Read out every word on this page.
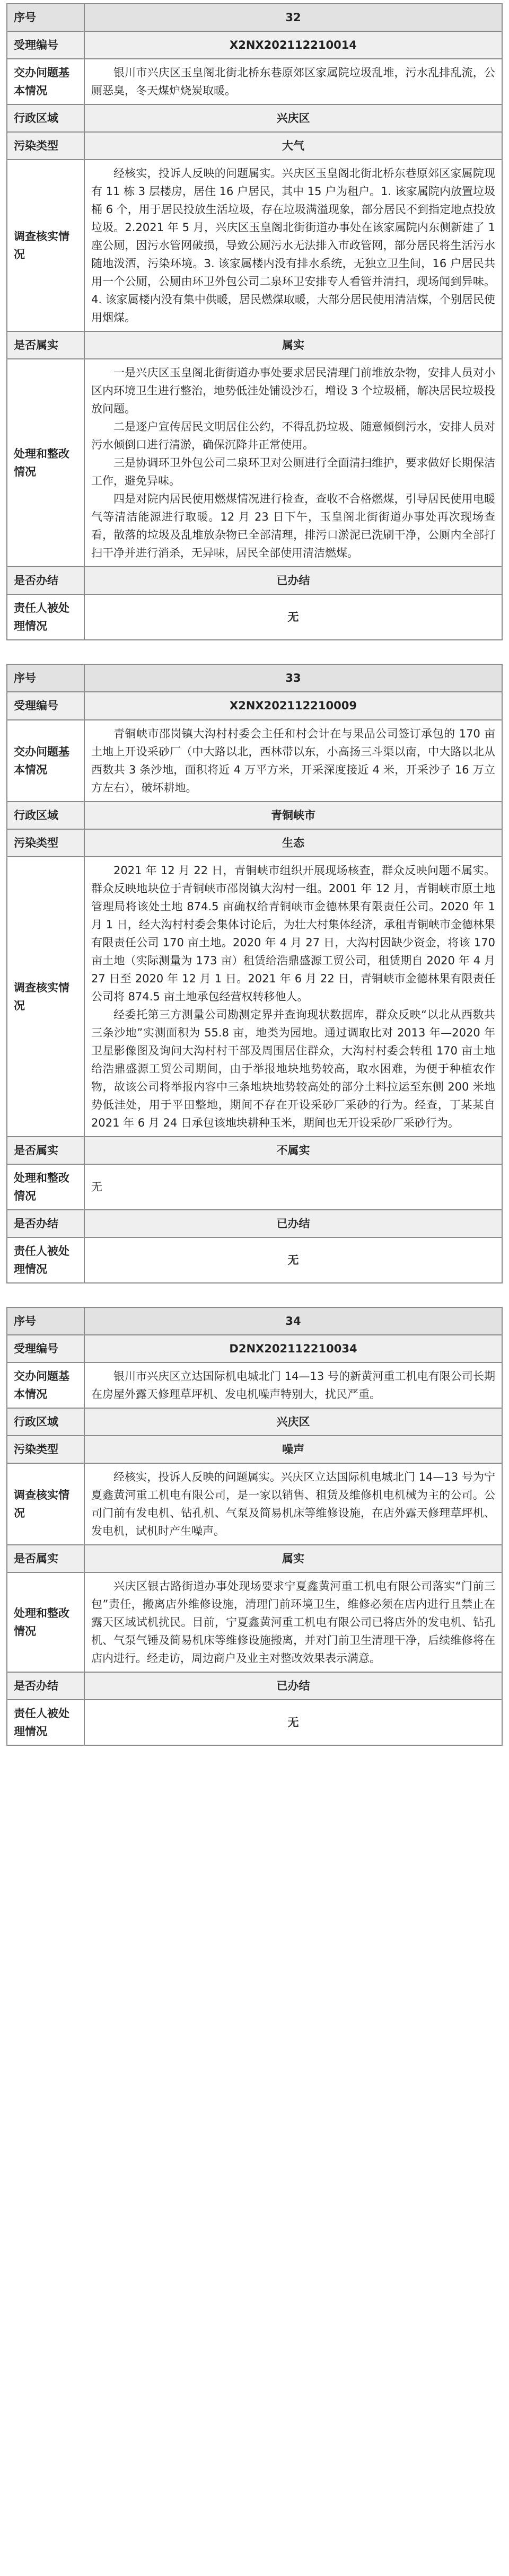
序号	32
受理编号	X2NX202112210014
交办问题基本情况	银川市兴庆区玉皇阁北街北桥东巷原郊区家属院垃圾乱堆，污水乱排乱流，公厕恶臭，冬天煤炉烧炭取暖。

行政区域	兴庆区
污染类型	大气
调查核实情况	经核实，投诉人反映的问题属实。兴庆区玉皇阁北街北桥东巷原郊区家属院现有 11 栋 3 层楼房，居住 16 户居民，其中 15 户为租户。1. 该家属院内放置垃圾桶 6 个，用于居民投放生活垃圾，存在垃圾满溢现象，部分居民不到指定地点投放垃圾。2.2021 年 5 月，兴庆区玉皇阁北街街道办事处在该家属院内东侧新建了 1 座公厕，因污水管网破损，导致公厕污水无法排入市政管网，部分居民将生活污水随地泼洒，污染环境。3. 该家属楼内没有排水系统，无独立卫生间，16 户居民共用一个公厕，公厕由环卫外包公司二泉环卫安排专人看管并清扫，现场闻到异味。4. 该家属楼内没有集中供暖，居民燃煤取暖，大部分居民使用清洁煤，个别居民使用烟煤。

是否属实	属实
处理和整改情况	一是兴庆区玉皇阁北街街道办事处要求居民清理门前堆放杂物，安排人员对小区内环境卫生进行整治，地势低洼处铺设沙石，增设 3 个垃圾桶，解决居民垃圾投放问题。

二是逐户宣传居民文明居住公约，不得乱扔垃圾、随意倾倒污水，安排人员对污水倾倒口进行清淤，确保沉降井正常使用。

三是协调环卫外包公司二泉环卫对公厕进行全面清扫维护，要求做好长期保洁工作，避免异味。

四是对院内居民使用燃煤情况进行检查，查收不合格燃煤，引导居民使用电暖气等清洁能源进行取暖。12 月 23 日下午，玉皇阁北街街道办事处再次现场查看，散落的垃圾及乱堆放杂物已全部清理，排污口淤泥已洗刷干净，公厕内全部打扫干净并进行消杀，无异味，居民全部使用清洁燃煤。

是否办结	已办结
责任人被处理情况	无
序号	33
受理编号	X2NX202112210009
交办问题基本情况	青铜峡市邵岗镇大沟村村委会主任和村会计在与果品公司签订承包的 170 亩土地上开设采砂厂（中大路以北，西林带以东，小高扬三斗渠以南，中大路以北从西数共 3 条沙地，面积将近 4 万平方米，开采深度接近 4 米，开采沙子 16 万立方左右），破坏耕地。

行政区域	青铜峡市
污染类型	生态
调查核实情况	2021 年 12 月 22 日，青铜峡市组织开展现场核查，群众反映问题不属实。群众反映地块位于青铜峡市邵岗镇大沟村一组。2001 年 12 月，青铜峡市原土地管理局将该处土地 874.5 亩确权给青铜峡市金德林果有限责任公司。2020 年 1 月 1 日，经大沟村村委会集体讨论后，为壮大村集体经济，承租青铜峡市金德林果有限责任公司 170 亩土地。2020 年 4 月 27 日，大沟村因缺少资金，将该 170 亩土地（实际测量为 173 亩）租赁给浩鼎盛源工贸公司，租赁期自 2020 年 4 月 27 日至 2020 年 12 月 1 日。2021 年 6 月 22 日，青铜峡市金德林果有限责任公司将 874.5 亩土地承包经营权转移他人。

经委托第三方测量公司勘测定界并查询现状数据库，群众反映“以北从西数共三条沙地”实测面积为 55.8 亩，地类为园地。通过调取比对 2013 年—2020 年卫星影像图及询问大沟村村干部及周围居住群众，大沟村村委会转租 170 亩土地给浩鼎盛源工贸公司期间，由于举报地块地势较高，取水困难，为便于种植农作物，故该公司将举报内容中三条地块地势较高处的部分土料拉运至东侧 200 米地势低洼处，用于平田整地，期间不存在开设采砂厂采砂的行为。经查，丁某某自 2021 年 6 月 24 日承包该地块耕种玉米，期间也无开设采砂厂采砂行为。

是否属实	不属实
处理和整改情况	无
是否办结	已办结
责任人被处理情况	无
序号	34
受理编号	D2NX202112210034
交办问题基本情况	银川市兴庆区立达国际机电城北门 14—13 号的新黄河重工机电有限公司长期在房屋外露天修理草坪机、发电机噪声特别大，扰民严重。

行政区域	兴庆区
污染类型	噪声
调查核实情况	经核实，投诉人反映的问题属实。兴庆区立达国际机电城北门 14—13 号为宁夏鑫黄河重工机电有限公司，是一家以销售、租赁及维修机电机械为主的公司。公司门前有发电机、钻孔机、气泵及简易机床等维修设施，在店外露天修理草坪机、发电机，试机时产生噪声。

是否属实	属实
处理和整改情况	兴庆区银古路街道办事处现场要求宁夏鑫黄河重工机电有限公司落实“门前三包”责任，搬离店外维修设施，清理门前环境卫生，维修必须在店内进行且禁止在露天区域试机扰民。目前，宁夏鑫黄河重工机电有限公司已将店外的发电机、钻孔机、气泵气锤及简易机床等维修设施搬离，并对门前卫生清理干净，后续维修将在店内进行。经走访，周边商户及业主对整改效果表示满意。

是否办结	已办结
责任人被处理情况	无
